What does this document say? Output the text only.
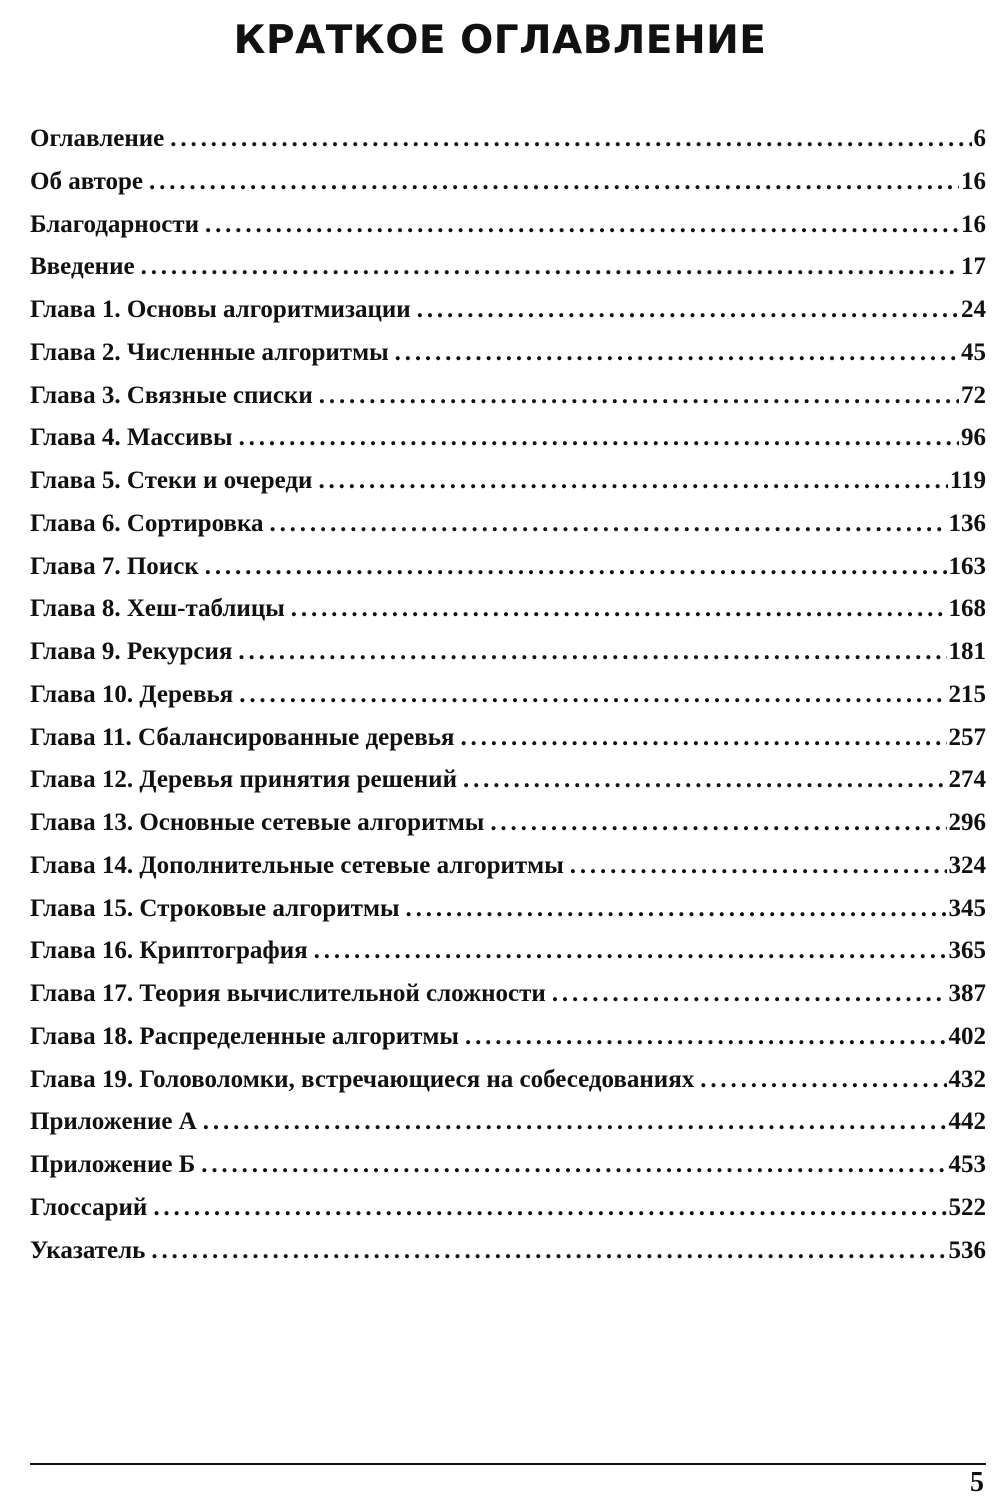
КРАТКОЕ ОГЛАВЛЕНИЕ
Оглавление . . .	6
Об авторе . . .	16
Благодарности . . .	16
Введение . . .	17
Глава 1. Основы алгоритмизации . . .	24
Глава 2. Численные алгоритмы . . .	45
Глава 3. Связные списки . . .	72
Глава 4. Массивы . . .	96
Глава 5. Стеки и очереди . . .	119
Глава 6. Сортировка . . .	136
Глава 7. Поиск . . .	163
Глава 8. Хеш-таблицы . . .	168
Глава 9. Рекурсия . . .	181
Глава 10. Деревья . . .	215
Глава 11. Сбалансированные деревья . . .	257
Глава 12. Деревья принятия решений . . .	274
Глава 13. Основные сетевые алгоритмы . . .	296
Глава 14. Дополнительные сетевые алгоритмы . . .	324
Глава 15. Строковые алгоритмы . . .	345
Глава 16. Криптография . . .	365
Глава 17. Теория вычислительной сложности . . .	387
Глава 18. Распределенные алгоритмы . . .	402
Глава 19. Головоломки, встречающиеся на собеседованиях . . .	432
Приложение А . . .	442
Приложение Б . . .	453
Глоссарий . . .	522
Указатель . . .	536
5
